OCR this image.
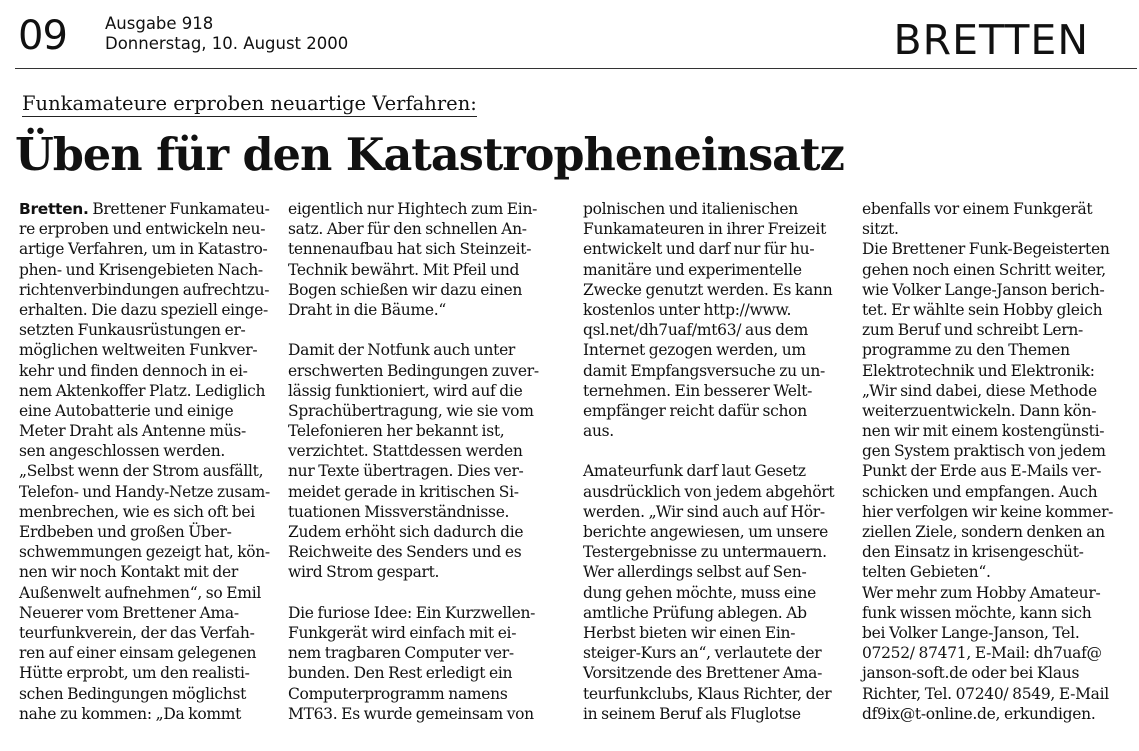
09 Ausgabe 918
Donnerstag, 10. August 2000	BRETTEN
Funkamateure erproben neuartige Verfahren:
Üben für den Katastropheneinsatz
Bretten. Brettener Funkamateu-
re erproben und entwickeln neu-
artige Verfahren, um in Katastro-
phen- und Krisengebieten Nach-
richtenverbindungen aufrechtzu-
erhalten. Die dazu speziell einge-
setzten Funkausrüstungen er-
möglichen weltweiten Funkver-
kehr und finden dennoch in ei-
nem Aktenkoffer Platz. Lediglich
eine Autobatterie und einige
Meter Draht als Antenne müs-
sen angeschlossen werden.
„Selbst wenn der Strom ausfällt,
Telefon- und Handy-Netze zusam-
menbrechen, wie es sich oft bei
Erdbeben und großen Über-
schwemmungen gezeigt hat, kön-
nen wir noch Kontakt mit der
Außenwelt aufnehmen“, so Emil
Neuerer vom Brettener Ama-
teurfunkverein, der das Verfah-
ren auf einer einsam gelegenen
Hütte erprobt, um den realisti-
schen Bedingungen möglichst
nahe zu kommen: „Da kommt
eigentlich nur Hightech zum Ein-
satz. Aber für den schnellen An-
tennenaufbau hat sich Steinzeit-
Technik bewährt. Mit Pfeil und
Bogen schießen wir dazu einen
Draht in die Bäume.“
Damit der Notfunk auch unter
erschwerten Bedingungen zuver-
lässig funktioniert, wird auf die
Sprachübertragung, wie sie vom
Telefonieren her bekannt ist,
verzichtet. Stattdessen werden
nur Texte übertragen. Dies ver-
meidet gerade in kritischen Si-
tuationen Missverständnisse.
Zudem erhöht sich dadurch die
Reichweite des Senders und es
wird Strom gespart.
Die furiose Idee: Ein Kurzwellen-
Funkgerät wird einfach mit ei-
nem tragbaren Computer ver-
bunden. Den Rest erledigt ein
Computerprogramm namens
MT63. Es wurde gemeinsam von
polnischen und italienischen
Funkamateuren in ihrer Freizeit
entwickelt und darf nur für hu-
manitäre und experimentelle
Zwecke genutzt werden. Es kann
kostenlos unter http://www.
qsl.net/dh7uaf/mt63/ aus dem
Internet gezogen werden, um
damit Empfangsversuche zu un-
ternehmen. Ein besserer Welt-
empfänger reicht dafür schon
aus.
Amateurfunk darf laut Gesetz
ausdrücklich von jedem abgehört
werden. „Wir sind auch auf Hör-
berichte angewiesen, um unsere
Testergebnisse zu untermauern.
Wer allerdings selbst auf Sen-
dung gehen möchte, muss eine
amtliche Prüfung ablegen. Ab
Herbst bieten wir einen Ein-
steiger-Kurs an“, verlautete der
Vorsitzende des Brettener Ama-
teurfunkclubs, Klaus Richter, der
in seinem Beruf als Fluglotse
ebenfalls vor einem Funkgerät
sitzt.
Die Brettener Funk-Begeisterten
gehen noch einen Schritt weiter,
wie Volker Lange-Janson berich-
tet. Er wählte sein Hobby gleich
zum Beruf und schreibt Lern-
programme zu den Themen
Elektrotechnik und Elektronik:
„Wir sind dabei, diese Methode
weiterzuentwickeln. Dann kön-
nen wir mit einem kostengünsti-
gen System praktisch von jedem
Punkt der Erde aus E-Mails ver-
schicken und empfangen. Auch
hier verfolgen wir keine kommer-
ziellen Ziele, sondern denken an
den Einsatz in krisengeschüt-
telten Gebieten“.
Wer mehr zum Hobby Amateur-
funk wissen möchte, kann sich
bei Volker Lange-Janson, Tel.
07252/ 87471, E-Mail: dh7uaf@
janson-soft.de oder bei Klaus
Richter, Tel. 07240/ 8549, E-Mail
df9ix@t-online.de, erkundigen.
